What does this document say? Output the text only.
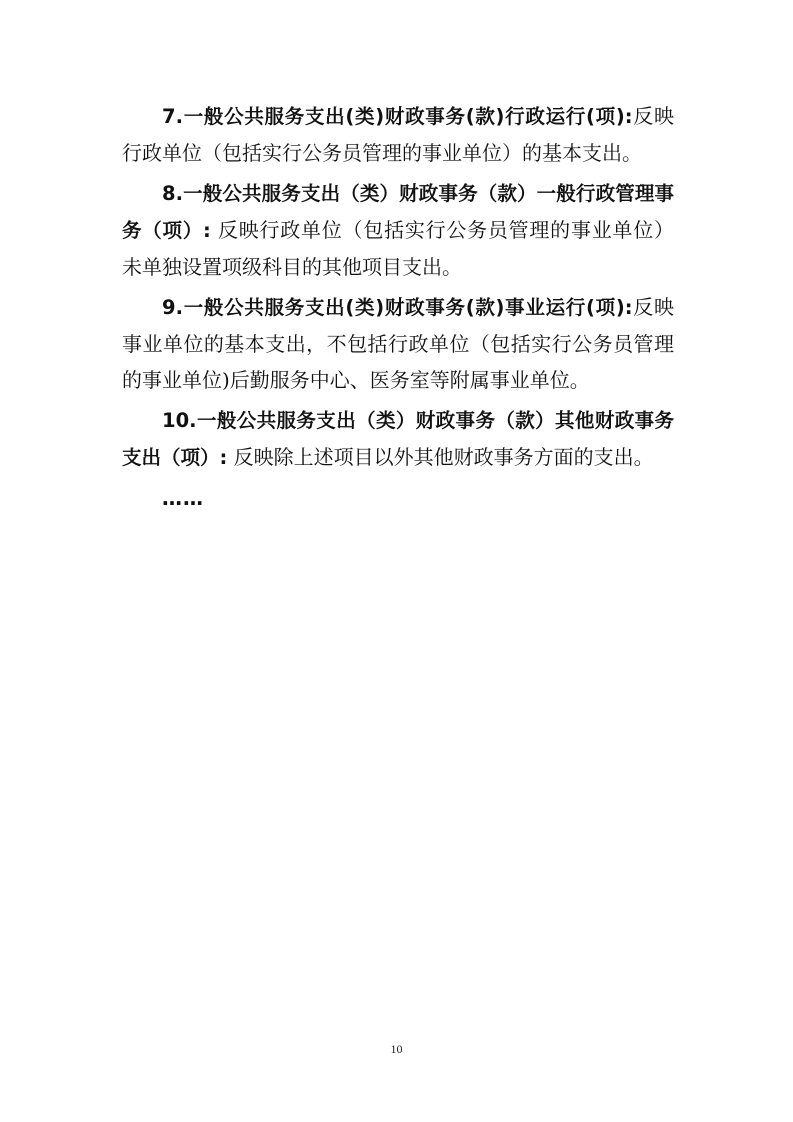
7.一般公共服务支出(类)财政事务(款)行政运行(项):反映行政单位（包括实行公务员管理的事业单位）的基本支出。

8.一般公共服务支出（类）财政事务（款）一般行政管理事务（项）: 反映行政单位（包括实行公务员管理的事业单位）未单独设置项级科目的其他项目支出。

9.一般公共服务支出(类)财政事务(款)事业运行(项):反映事业单位的基本支出，不包括行政单位（包括实行公务员管理的事业单位)后勤服务中心、医务室等附属事业单位。

10.一般公共服务支出（类）财政事务（款）其他财政事务支出（项）: 反映除上述项目以外其他财政事务方面的支出。

……

10
